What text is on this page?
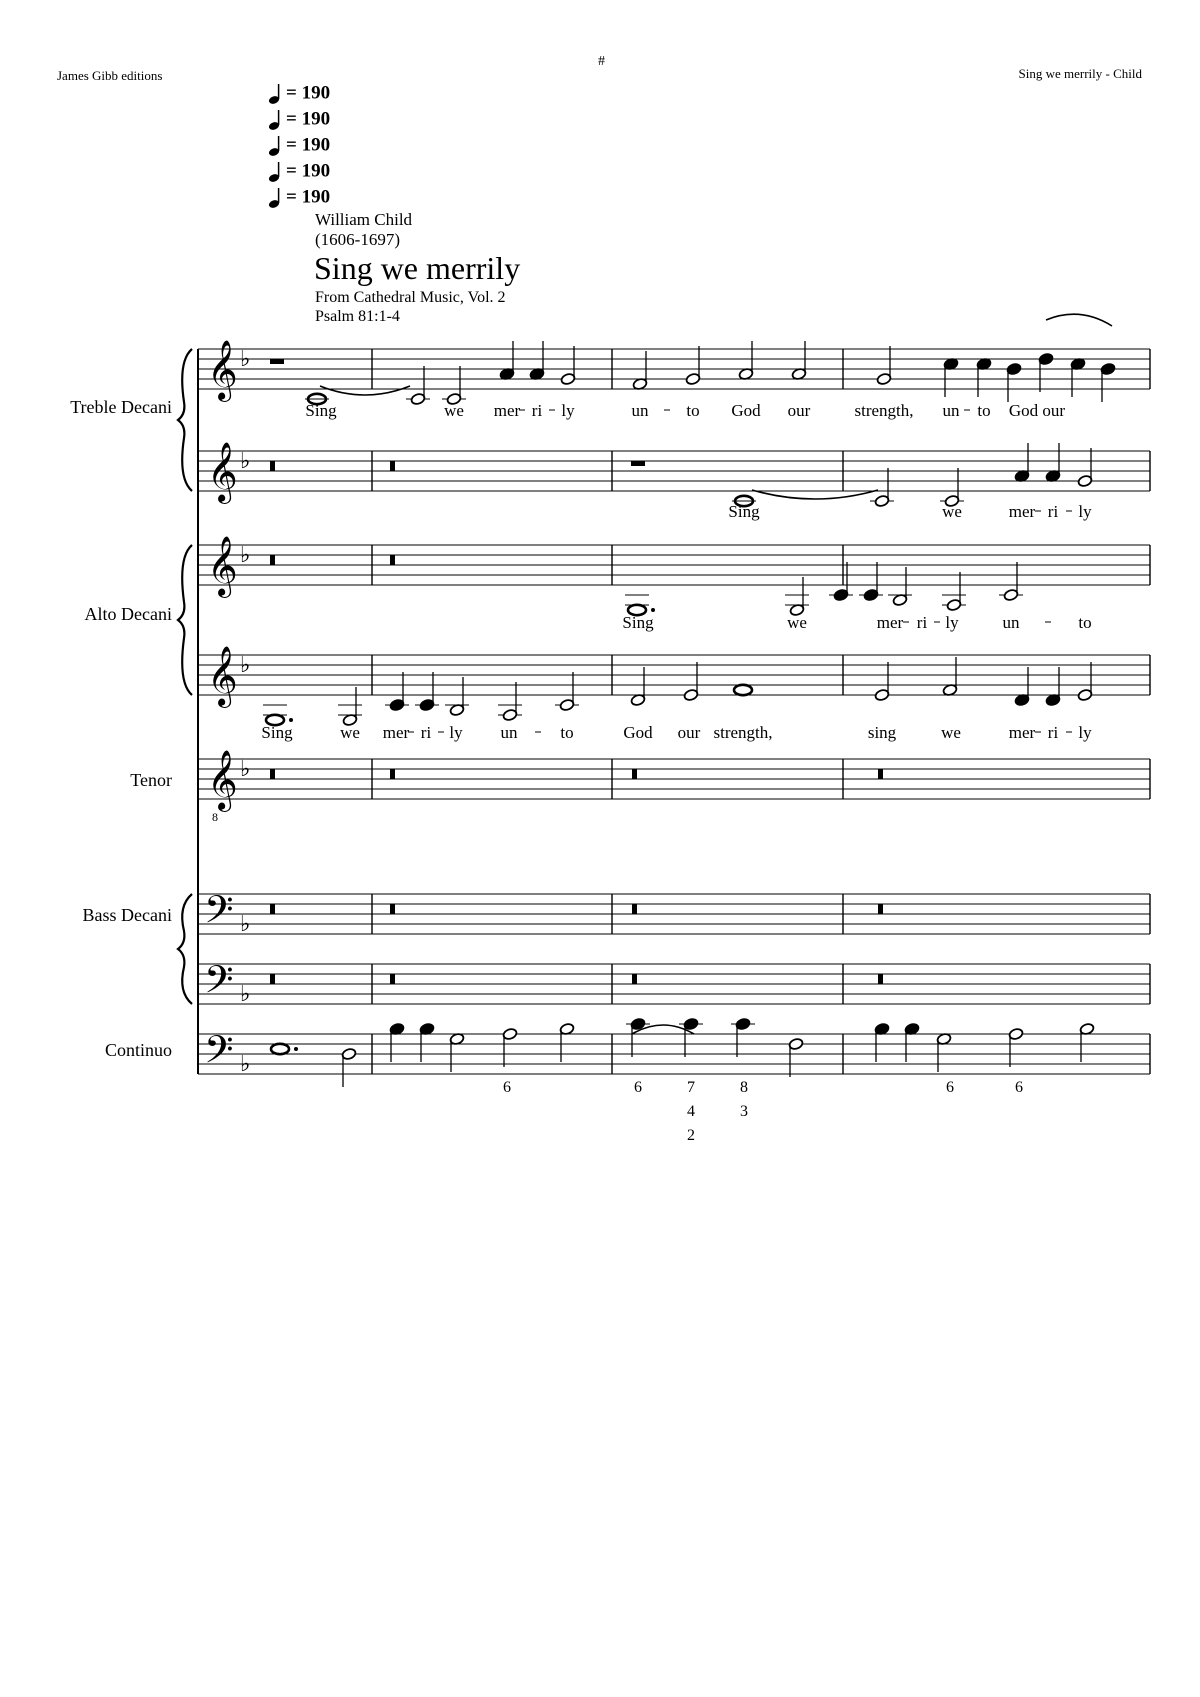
James Gibb editions
#
Sing we merrily - Child
= 190
= 190
= 190
= 190
= 190
William Child
(1606-1697)
Sing we merrily
From Cathedral Music, Vol. 2
Psalm 81:1-4
𝄞 ♭
𝄞 ♭
𝄞 ♭
𝄞 ♭
𝄞
8
♭
𝄢 ♭
𝄢 ♭
𝄢 ♭
Treble Decani
Alto Decani
Tenor
Bass Decani
Continuo
Sing	we mer ri ly	un to God our	strength, un to God our
Sing	we	mer ri ly
Sing	we	mer ri ly	un	to
Sing	we mer ri ly un	to	God our strength,	sing	we	mer ri ly
6	6	7
4
2
8
3
6	6
